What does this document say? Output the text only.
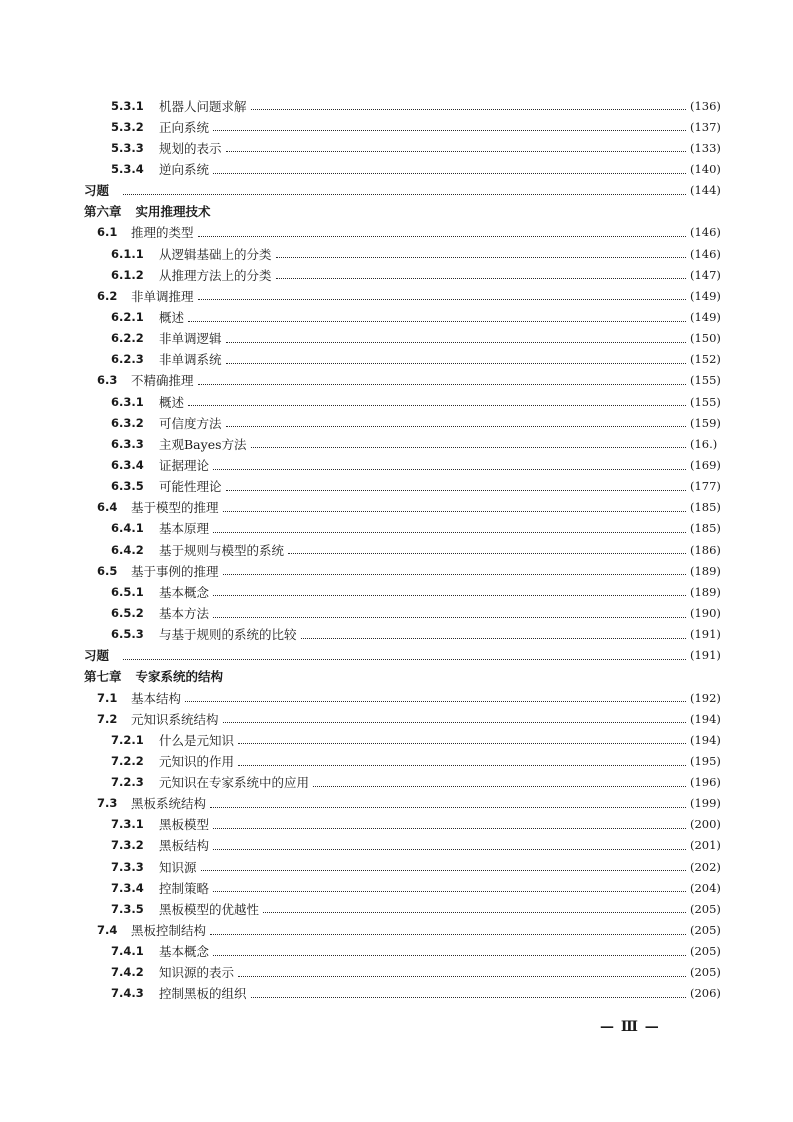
5.3.1	机器人问题求解	(136)
5.3.2	正向系统	(137)
5.3.3	规划的表示	(133)
5.3.4	逆向系统	(140)
习题	(144)
第六章 实用推理技术
6.1	推理的类型	(146)
6.1.1	从逻辑基础上的分类	(146)
6.1.2	从推理方法上的分类	(147)
6.2	非单调推理	(149)
6.2.1	概述	(149)
6.2.2	非单调逻辑	(150)
6.2.3	非单调系统	(152)
6.3	不精确推理	(155)
6.3.1	概述	(155)
6.3.2	可信度方法	(159)
6.3.3	主观Bayes方法	(16.)
6.3.4	证据理论	(169)
6.3.5	可能性理论	(177)
6.4	基于模型的推理	(185)
6.4.1	基本原理	(185)
6.4.2	基于规则与模型的系统	(186)
6.5	基于事例的推理	(189)
6.5.1	基本概念	(189)
6.5.2	基本方法	(190)
6.5.3	与基于规则的系统的比较	(191)
习题	(191)
第七章 专家系统的结构
7.1	基本结构	(192)
7.2	元知识系统结构	(194)
7.2.1	什么是元知识	(194)
7.2.2	元知识的作用	(195)
7.2.3	元知识在专家系统中的应用	(196)
7.3	黑板系统结构	(199)
7.3.1	黑板模型	(200)
7.3.2	黑板结构	(201)
7.3.3	知识源	(202)
7.3.4	控制策略	(204)
7.3.5	黑板模型的优越性	(205)
7.4	黑板控制结构	(205)
7.4.1	基本概念	(205)
7.4.2	知识源的表示	(205)
7.4.3	控制黑板的组织	(206)
— Ⅲ —
